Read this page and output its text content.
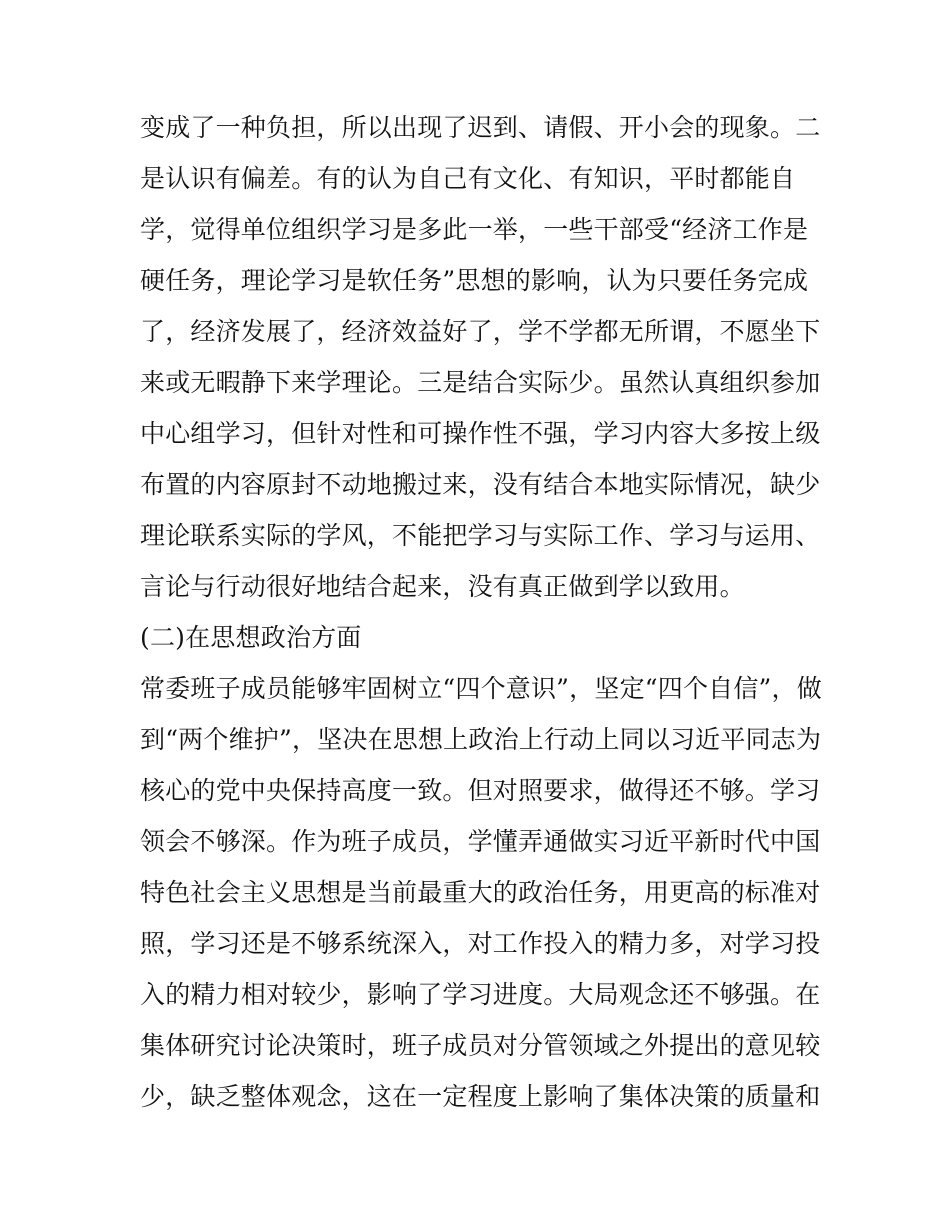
变成了一种负担，所以出现了迟到、请假、开小会的现象。二
是认识有偏差。有的认为自己有文化、有知识，平时都能自
学，觉得单位组织学习是多此一举，一些干部受“经济工作是
硬任务，理论学习是软任务”思想的影响，认为只要任务完成
了，经济发展了，经济效益好了，学不学都无所谓，不愿坐下
来或无暇静下来学理论。三是结合实际少。虽然认真组织参加
中心组学习，但针对性和可操作性不强，学习内容大多按上级
布置的内容原封不动地搬过来，没有结合本地实际情况，缺少
理论联系实际的学风，不能把学习与实际工作、学习与运用、
言论与行动很好地结合起来，没有真正做到学以致用。
(二)在思想政治方面
常委班子成员能够牢固树立“四个意识”，坚定“四个自信”，做
到“两个维护”，坚决在思想上政治上行动上同以习近平同志为
核心的党中央保持高度一致。但对照要求，做得还不够。学习
领会不够深。作为班子成员，学懂弄通做实习近平新时代中国
特色社会主义思想是当前最重大的政治任务，用更高的标准对
照，学习还是不够系统深入，对工作投入的精力多，对学习投
入的精力相对较少，影响了学习进度。大局观念还不够强。在
集体研究讨论决策时，班子成员对分管领域之外提出的意见较
少，缺乏整体观念，这在一定程度上影响了集体决策的质量和
